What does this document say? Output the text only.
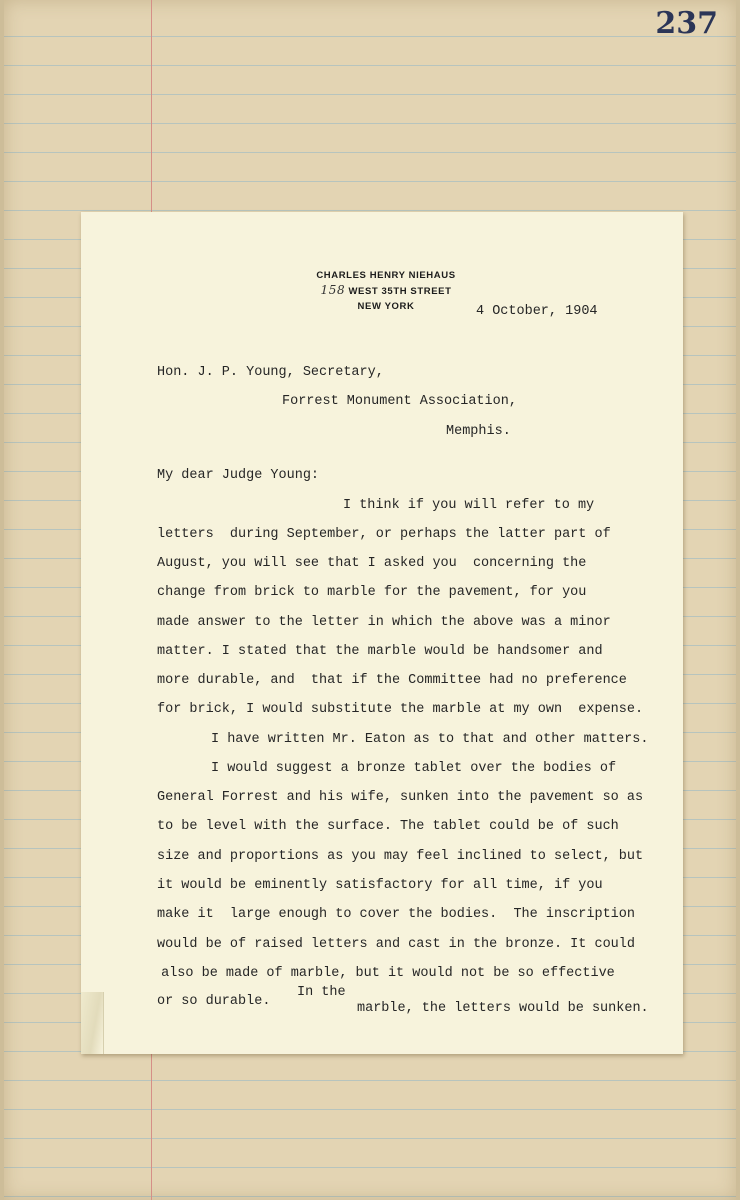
237
CHARLES HENRY NIEHAUS
158 WEST 35TH STREET
NEW YORK	4 October, 1904
Hon. J. P. Young, Secretary,
Forrest Monument Association,
Memphis.
My dear Judge Young:
I think if you will refer to my
letters  during September, or perhaps the latter part of
August, you will see that I asked you  concerning the
change from brick to marble for the pavement, for you
made answer to the letter in which the above was a minor
matter. I stated that the marble would be handsomer and
more durable, and  that if the Committee had no preference
for brick, I would substitute the marble at my own  expense.
I have written Mr. Eaton as to that and other matters.
I would suggest a bronze tablet over the bodies of
General Forrest and his wife, sunken into the pavement so as
to be level with the surface. The tablet could be of such
size and proportions as you may feel inclined to select, but
it would be eminently satisfactory for all time, if you
make it  large enough to cover the bodies.  The inscription
would be of raised letters and cast in the bronze. It could
also be made of marble, but it would not be so effective
or so durable.
In the
marble, the letters would be sunken.
